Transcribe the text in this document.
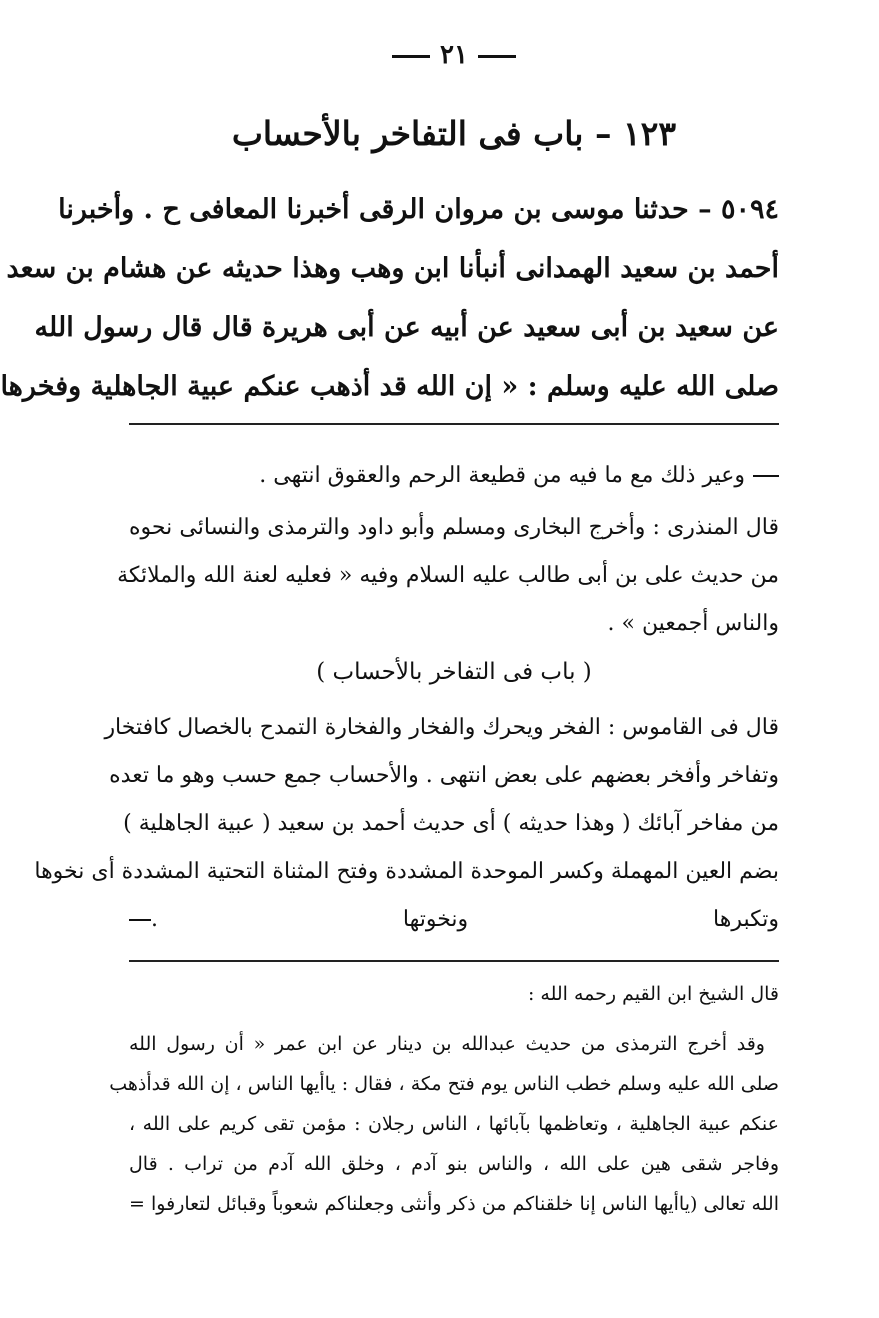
٢١
١٢٣ – باب فى التفاخر بالأحساب

٥٠٩٤ – حدثنا موسى بن مروان الرقى أخبرنا المعافى ح . وأخبرنا

أحمد بن سعيد الهمدانى أنبأنا ابن وهب وهذا حديثه عن هشام بن سعد

عن سعيد بن أبى سعيد عن أبيه عن أبى هريرة قال قال رسول الله

صلى الله عليه وسلم : « إن الله قد أذهب عنكم عبية الجاهلية وفخرها

وعير ذلك مع ما فيه من قطيعة الرحم والعقوق انتهى .

قال المنذرى : وأخرج البخارى ومسلم وأبو داود والترمذى والنسائى نحوه

من حديث على بن أبى طالب عليه السلام وفيه « فعليه لعنة الله والملائكة

والناس أجمعين » .

( باب فى التفاخر بالأحساب )

قال فى القاموس : الفخر ويحرك والفخار والفخارة التمدح بالخصال كافتخار

وتفاخر وأفخر بعضهم على بعض انتهى . والأحساب جمع حسب وهو ما تعده

من مفاخر آبائك ( وهذا حديثه ) أى حديث أحمد بن سعيد ( عبية الجاهلية )

بضم العين المهملة وكسر الموحدة المشددة وفتح المثناة التحتية المشددة أى نخوها

وتكبرها ونخوتها .

قال الشيخ ابن القيم رحمه الله :

وقد أخرج الترمذى من حديث عبدالله بن دينار عن ابن عمر « أن رسول الله

صلى الله عليه وسلم خطب الناس يوم فتح مكة ، فقال : ياأيها الناس ، إن الله قدأذهب

عنكم عبية الجاهلية ، وتعاظمها بآبائها ، الناس رجلان : مؤمن تقى كريم على الله ،

وفاجر شقى هين على الله ، والناس بنو آدم ، وخلق الله آدم من تراب . قال

الله تعالى (ياأيها الناس إنا خلقناكم من ذكر وأنثى وجعلناكم شعوباً وقبائل لتعارفوا =
